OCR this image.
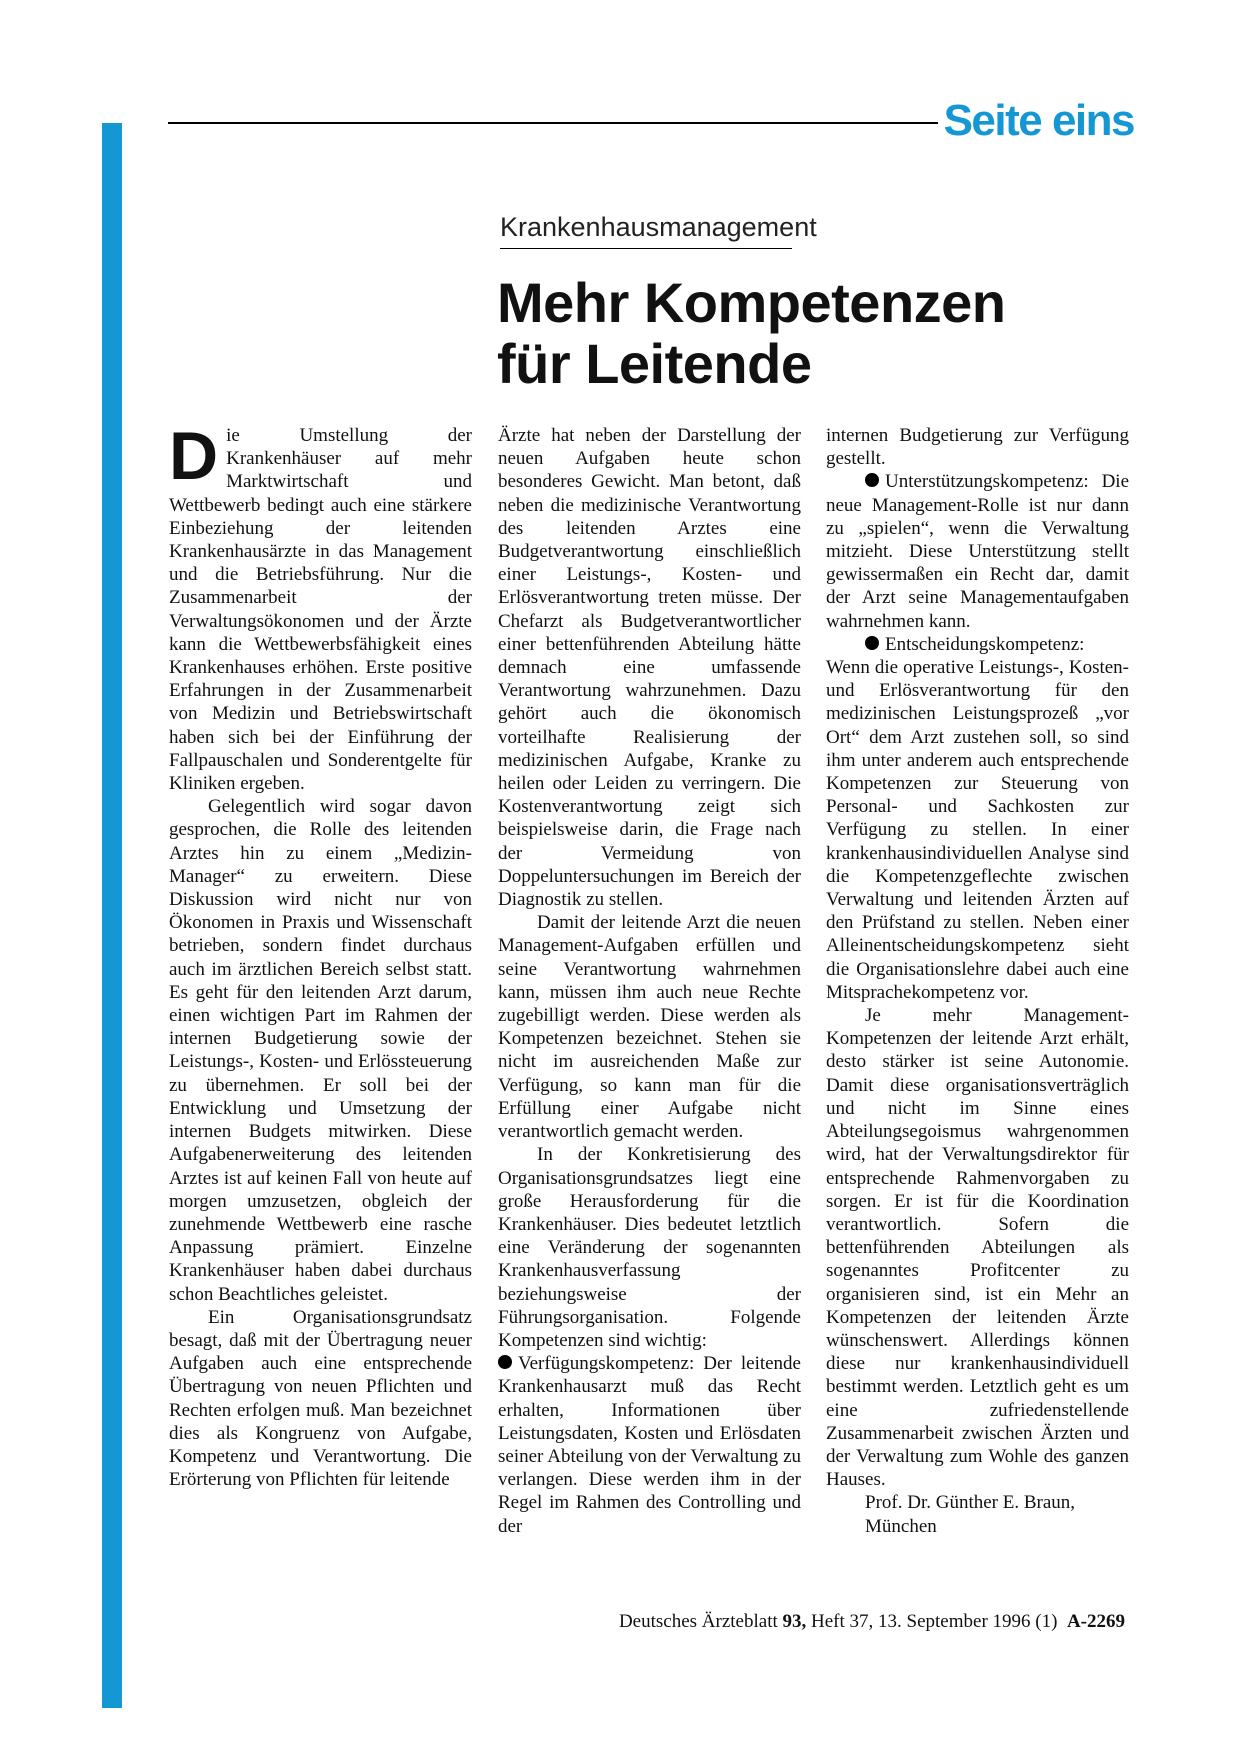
Seite eins
Krankenhausmanagement
Mehr Kompetenzen
für Leitende

Die Umstellung der Krankenhäuser auf mehr Marktwirtschaft und Wettbewerb bedingt auch eine stärkere Einbeziehung der leitenden Krankenhausärzte in das Management und die Betriebsführung. Nur die Zusammenarbeit der Verwaltungsökonomen und der Ärzte kann die Wettbewerbsfähigkeit eines Krankenhauses erhöhen. Erste positive Erfahrungen in der Zusammenarbeit von Medizin und Betriebswirtschaft haben sich bei der Einführung der Fallpauschalen und Sonderentgelte für Kliniken ergeben.

Gelegentlich wird sogar davon gesprochen, die Rolle des leitenden Arztes hin zu einem „Medizin-Manager“ zu erweitern. Diese Diskussion wird nicht nur von Ökonomen in Praxis und Wissenschaft betrieben, sondern findet durchaus auch im ärztlichen Bereich selbst statt. Es geht für den leitenden Arzt darum, einen wichtigen Part im Rahmen der internen Budgetierung sowie der Leistungs-, Kosten- und Erlössteuerung zu übernehmen. Er soll bei der Entwicklung und Umsetzung der internen Budgets mitwirken. Diese Aufgabenerweiterung des leitenden Arztes ist auf keinen Fall von heute auf morgen umzusetzen, obgleich der zunehmende Wettbewerb eine rasche Anpassung prämiert. Einzelne Krankenhäuser haben dabei durchaus schon Beachtliches geleistet.

Ein Organisationsgrundsatz besagt, daß mit der Übertragung neuer Aufgaben auch eine entsprechende Übertragung von neuen Pflichten und Rechten erfolgen muß. Man bezeichnet dies als Kongruenz von Aufgabe, Kompetenz und Verantwortung. Die Erörterung von Pflichten für leitende

Ärzte hat neben der Darstellung der neuen Aufgaben heute schon besonderes Gewicht. Man betont, daß neben die medizinische Verantwortung des leitenden Arztes eine Budgetverantwortung einschließlich einer Leistungs-, Kosten- und Erlösverantwortung treten müsse. Der Chefarzt als Budgetverantwortlicher einer bettenführenden Abteilung hätte demnach eine umfassende Verantwortung wahrzunehmen. Dazu gehört auch die ökonomisch vorteilhafte Realisierung der medizinischen Aufgabe, Kranke zu heilen oder Leiden zu verringern. Die Kostenverantwortung zeigt sich beispielsweise darin, die Frage nach der Vermeidung von Doppeluntersuchungen im Bereich der Diagnostik zu stellen.

Damit der leitende Arzt die neuen Management-Aufgaben erfüllen und seine Verantwortung wahrnehmen kann, müssen ihm auch neue Rechte zugebilligt werden. Diese werden als Kompetenzen bezeichnet. Stehen sie nicht im ausreichenden Maße zur Verfügung, so kann man für die Erfüllung einer Aufgabe nicht verantwortlich gemacht werden.

In der Konkretisierung des Organisationsgrundsatzes liegt eine große Herausforderung für die Krankenhäuser. Dies bedeutet letztlich eine Veränderung der sogenannten Krankenhausverfassung beziehungsweise der Führungsorganisation. Folgende Kompetenzen sind wichtig:

Verfügungskompetenz: Der leitende Krankenhausarzt muß das Recht erhalten, Informationen über Leistungsdaten, Kosten und Erlösdaten seiner Abteilung von der Verwaltung zu verlangen. Diese werden ihm in der Regel im Rahmen des Controlling und der

internen Budgetierung zur Verfügung gestellt.

Unterstützungskompetenz: Die neue Management-Rolle ist nur dann zu „spielen“, wenn die Verwaltung mitzieht. Diese Unterstützung stellt gewissermaßen ein Recht dar, damit der Arzt seine Managementaufgaben wahrnehmen kann.

Entscheidungskompetenz: Wenn die operative Leistungs-, Kosten- und Erlösverantwortung für den medizinischen Leistungsprozeß „vor Ort“ dem Arzt zustehen soll, so sind ihm unter anderem auch entsprechende Kompetenzen zur Steuerung von Personal- und Sachkosten zur Verfügung zu stellen. In einer krankenhausindividuellen Analyse sind die Kompetenzgeflechte zwischen Verwaltung und leitenden Ärzten auf den Prüfstand zu stellen. Neben einer Alleinentscheidungskompetenz sieht die Organisationslehre dabei auch eine Mitsprachekompetenz vor.

Je mehr Management-Kompetenzen der leitende Arzt erhält, desto stärker ist seine Autonomie. Damit diese organisationsverträglich und nicht im Sinne eines Abteilungsegoismus wahrgenommen wird, hat der Verwaltungsdirektor für entsprechende Rahmenvorgaben zu sorgen. Er ist für die Koordination verantwortlich. Sofern die bettenführenden Abteilungen als sogenanntes Profitcenter zu organisieren sind, ist ein Mehr an Kompetenzen der leitenden Ärzte wünschenswert. Allerdings können diese nur krankenhausindividuell bestimmt werden. Letztlich geht es um eine zufriedenstellende Zusammenarbeit zwischen Ärzten und der Verwaltung zum Wohle des ganzen Hauses.

Prof. Dr. Günther E. Braun,

München

Deutsches Ärzteblatt 93, Heft 37, 13. September 1996 (1) A-2269
